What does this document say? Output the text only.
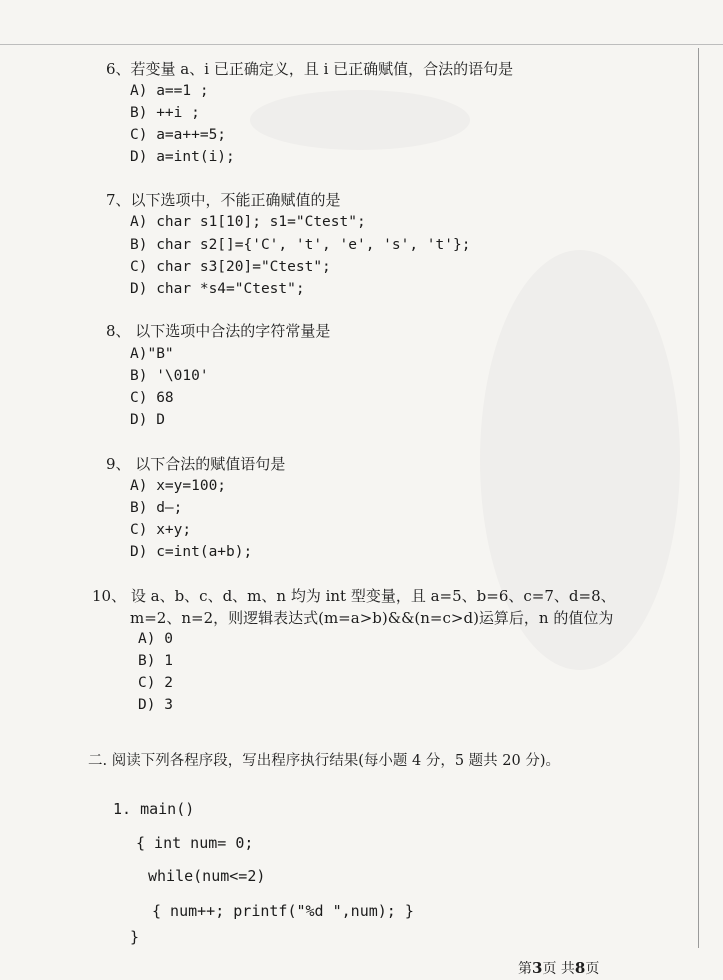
6、若变量 a、i 已正确定义，且 i 已正确赋值，合法的语句是
A) a==1 ;
B) ++i ;
C) a=a++=5;
D) a=int(i);
7、以下选项中，不能正确赋值的是
A) char s1[10]; s1="Ctest";
B) char s2[]={'C', 't', 'e', 's', 't'};
C) char s3[20]="Ctest";
D) char *s4="Ctest";
8、 以下选项中合法的字符常量是
A)"B"
B) '\010'
C) 68
D) D
9、 以下合法的赋值语句是
A) x=y=100;
B) d—;
C) x+y;
D) c=int(a+b);
10、 设 a、b、c、d、m、n 均为 int 型变量，且 a=5、b=6、c=7、d=8、
m=2、n=2，则逻辑表达式(m=a>b)&&(n=c>d)运算后，n 的值位为
A) 0
B) 1
C) 2
D) 3
二. 阅读下列各程序段，写出程序执行结果(每小题 4 分，5 题共 20 分)。
1. main()
{ int num= 0;
while(num<=2)
{ num++; printf("%d ",num); }
}
第3页 共8页
